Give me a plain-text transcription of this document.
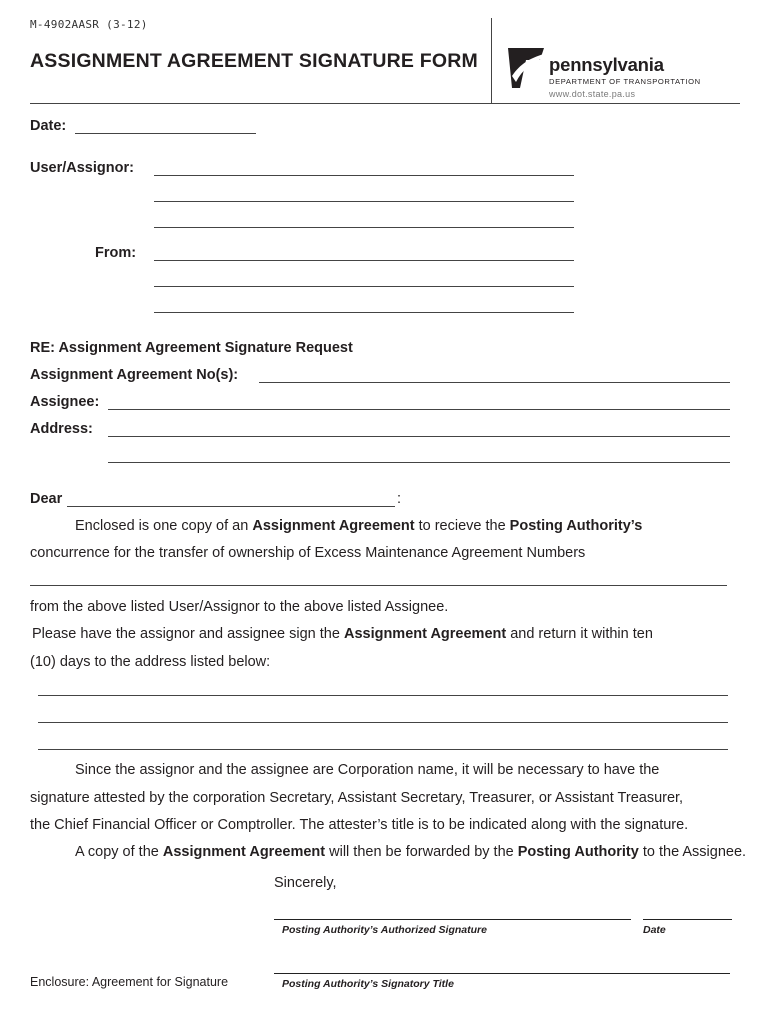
M-4902AASR (3-12)
ASSIGNMENT AGREEMENT SIGNATURE FORM	pennsylvania
DEPARTMENT OF TRANSPORTATION
www.dot.state.pa.us
Date:
User/Assignor:
From:
RE: Assignment Agreement Signature Request
Assignment Agreement No(s):
Assignee:
Address:
Dear	:
Enclosed is one copy of an Assignment Agreement to recieve the Posting Authority’s
concurrence for the transfer of ownership of Excess Maintenance Agreement Numbers
from the above listed User/Assignor to the above listed Assignee.
Please have the assignor and assignee sign the Assignment Agreement and return it within ten
(10) days to the address listed below:
Since the assignor and the assignee are Corporation name, it will be necessary to have the
signature attested by the corporation Secretary, Assistant Secretary, Treasurer, or Assistant Treasurer,
the Chief Financial Officer or Comptroller. The attester’s title is to be indicated along with the signature.
A copy of the Assignment Agreement will then be forwarded by the Posting Authority to the Assignee.
Sincerely,
Posting Authority’s Authorized Signature	Date
Enclosure: Agreement for Signature	Posting Authority’s Signatory Title
